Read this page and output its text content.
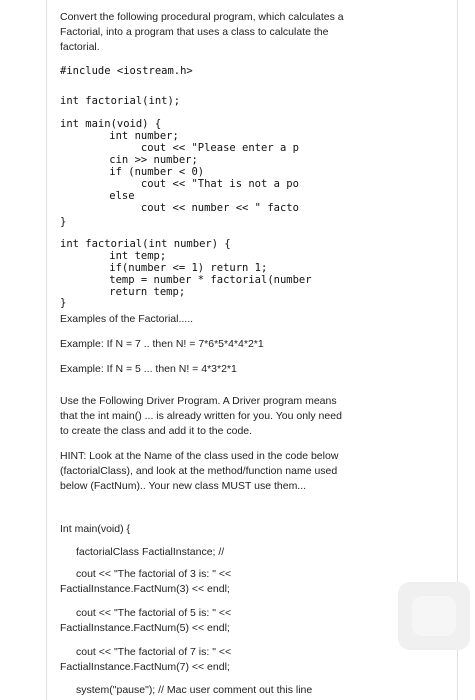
Convert the following procedural program, which calculates a Factorial, into a program that uses a class to calculate the factorial.

#include <iostream.h>
int factorial(int);
int main(void) {
int number;
cout << "Please enter a p
cin >> number;
if (number < 0)
cout << "That is not a po
else
cout << number << " facto
}
int factorial(int number) {
int temp;
if(number <= 1) return 1;
temp = number * factorial(number
return temp;
}

Examples of the Factorial.....

Example: If N = 7 .. then N! = 7*6*5*4*4*2*1

Example: If N = 5 ... then N! = 4*3*2*1

Use the Following Driver Program. A Driver program means that the int main() ... is already written for you. You only need to create the class and add it to the code.

HINT: Look at the Name of the class used in the code below (factorialClass), and look at the method/function name used below (FactNum).. Your new class MUST use them...

Int main(void) {

factorialClass FactialInstance; //

cout << "The factorial of 3 is: " <<

FactialInstance.FactNum(3) << endl;

cout << "The factorial of 5 is: " <<

FactialInstance.FactNum(5) << endl;

cout << "The factorial of 7 is: " <<

FactialInstance.FactNum(7) << endl;

system("pause"); // Mac user comment out this line
